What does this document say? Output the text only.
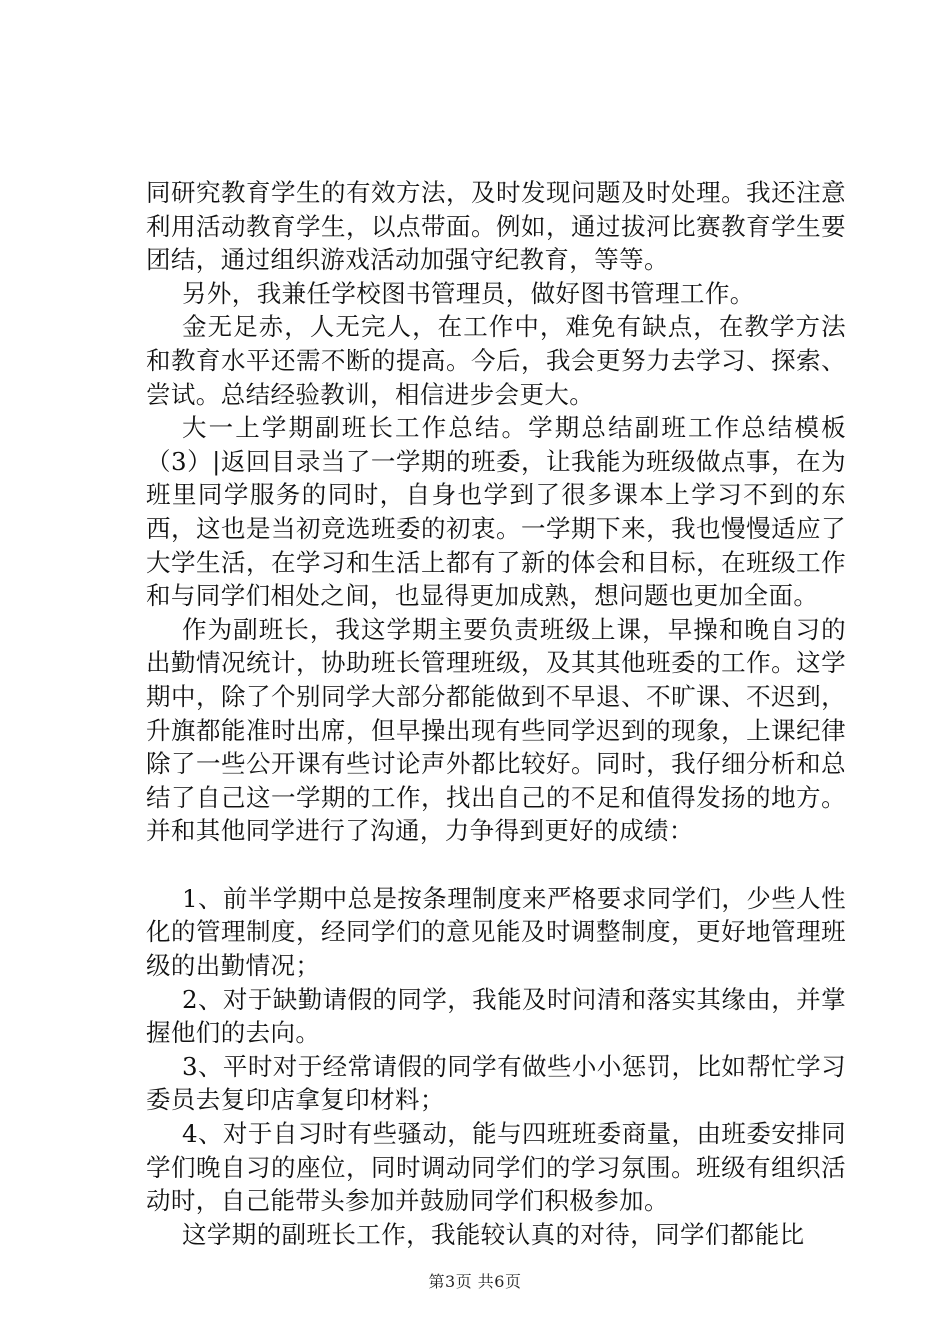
同研究教育学生的有效方法，及时发现问题及时处理。我还注意利用活动教育学生，以点带面。例如，通过拔河比赛教育学生要团结，通过组织游戏活动加强守纪教育，等等。

另外，我兼任学校图书管理员，做好图书管理工作。

金无足赤，人无完人，在工作中，难免有缺点，在教学方法和教育水平还需不断的提高。今后，我会更努力去学习、探索、尝试。总结经验教训，相信进步会更大。

大一上学期副班长工作总结。学期总结副班工作总结模板（3）|返回目录当了一学期的班委，让我能为班级做点事，在为班里同学服务的同时，自身也学到了很多课本上学习不到的东西，这也是当初竞选班委的初衷。一学期下来，我也慢慢适应了大学生活，在学习和生活上都有了新的体会和目标，在班级工作和与同学们相处之间，也显得更加成熟，想问题也更加全面。

作为副班长，我这学期主要负责班级上课，早操和晚自习的出勤情况统计，协助班长管理班级，及其其他班委的工作。这学期中，除了个别同学大部分都能做到不早退、不旷课、不迟到，升旗都能准时出席，但早操出现有些同学迟到的现象，上课纪律除了一些公开课有些讨论声外都比较好。同时，我仔细分析和总结了自己这一学期的工作，找出自己的不足和值得发扬的地方。并和其他同学进行了沟通，力争得到更好的成绩：

1、前半学期中总是按条理制度来严格要求同学们，少些人性化的管理制度，经同学们的意见能及时调整制度，更好地管理班级的出勤情况；

2、对于缺勤请假的同学，我能及时问清和落实其缘由，并掌握他们的去向。

3、平时对于经常请假的同学有做些小小惩罚，比如帮忙学习委员去复印店拿复印材料；

4、对于自习时有些骚动，能与四班班委商量，由班委安排同学们晚自习的座位，同时调动同学们的学习氛围。班级有组织活动时，自己能带头参加并鼓励同学们积极参加。

这学期的副班长工作，我能较认真的对待，同学们都能比

第3页 共6页
